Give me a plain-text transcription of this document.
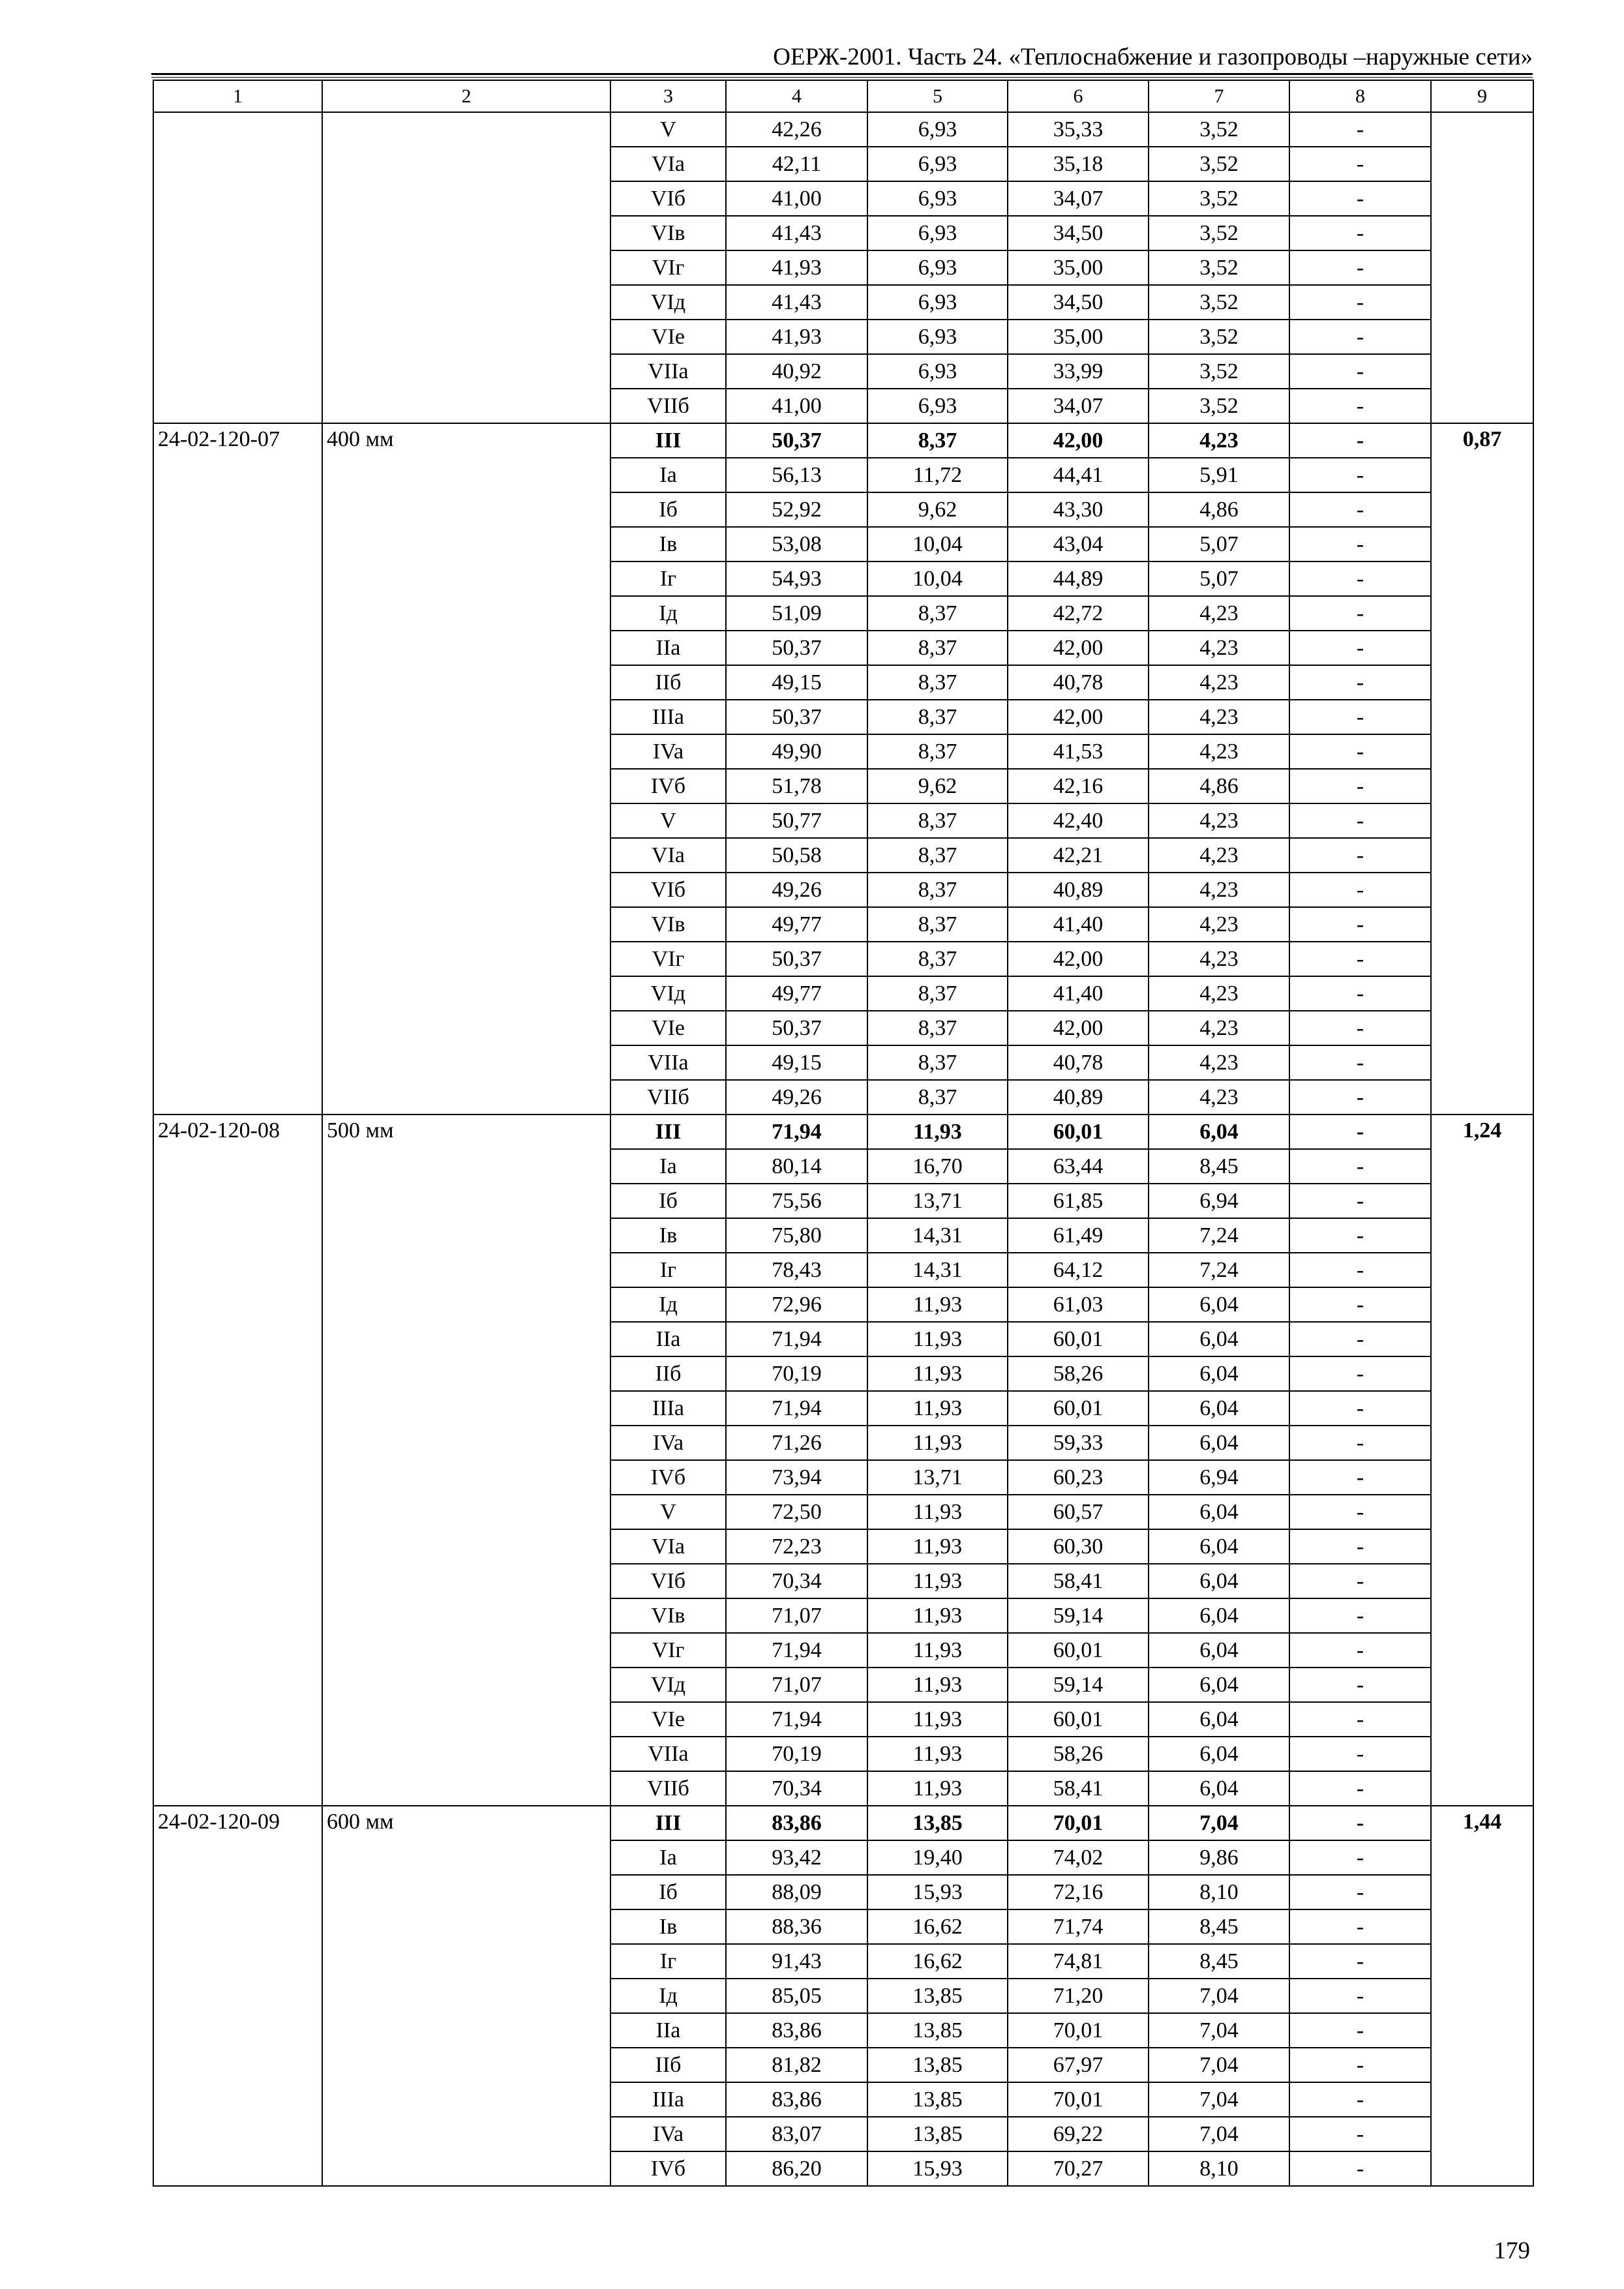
ОЕРЖ-2001. Часть 24. «Теплоснабжение и газопроводы –наружные сети»
1	2	3	4	5	6	7	8	9
		V	42,26	6,93	35,33	3,52	-	
		VIa	42,11	6,93	35,18	3,52	-	
		VIб	41,00	6,93	34,07	3,52	-	
		VIв	41,43	6,93	34,50	3,52	-	
		VIг	41,93	6,93	35,00	3,52	-	
		VIд	41,43	6,93	34,50	3,52	-	
		VIe	41,93	6,93	35,00	3,52	-	
		VIIa	40,92	6,93	33,99	3,52	-	
		VIIб	41,00	6,93	34,07	3,52	-	
24-02-120-07	400 мм	III	50,37	8,37	42,00	4,23	-	0,87
		Ia	56,13	11,72	44,41	5,91	-	
		Iб	52,92	9,62	43,30	4,86	-	
		Iв	53,08	10,04	43,04	5,07	-	
		Iг	54,93	10,04	44,89	5,07	-	
		Iд	51,09	8,37	42,72	4,23	-	
		IIa	50,37	8,37	42,00	4,23	-	
		IIб	49,15	8,37	40,78	4,23	-	
		IIIa	50,37	8,37	42,00	4,23	-	
		IVa	49,90	8,37	41,53	4,23	-	
		IVб	51,78	9,62	42,16	4,86	-	
		V	50,77	8,37	42,40	4,23	-	
		VIa	50,58	8,37	42,21	4,23	-	
		VIб	49,26	8,37	40,89	4,23	-	
		VIв	49,77	8,37	41,40	4,23	-	
		VIг	50,37	8,37	42,00	4,23	-	
		VIд	49,77	8,37	41,40	4,23	-	
		VIe	50,37	8,37	42,00	4,23	-	
		VIIa	49,15	8,37	40,78	4,23	-	
		VIIб	49,26	8,37	40,89	4,23	-	
24-02-120-08	500 мм	III	71,94	11,93	60,01	6,04	-	1,24
		Ia	80,14	16,70	63,44	8,45	-	
		Iб	75,56	13,71	61,85	6,94	-	
		Iв	75,80	14,31	61,49	7,24	-	
		Iг	78,43	14,31	64,12	7,24	-	
		Iд	72,96	11,93	61,03	6,04	-	
		IIa	71,94	11,93	60,01	6,04	-	
		IIб	70,19	11,93	58,26	6,04	-	
		IIIa	71,94	11,93	60,01	6,04	-	
		IVa	71,26	11,93	59,33	6,04	-	
		IVб	73,94	13,71	60,23	6,94	-	
		V	72,50	11,93	60,57	6,04	-	
		VIa	72,23	11,93	60,30	6,04	-	
		VIб	70,34	11,93	58,41	6,04	-	
		VIв	71,07	11,93	59,14	6,04	-	
		VIг	71,94	11,93	60,01	6,04	-	
		VIд	71,07	11,93	59,14	6,04	-	
		VIe	71,94	11,93	60,01	6,04	-	
		VIIa	70,19	11,93	58,26	6,04	-	
		VIIб	70,34	11,93	58,41	6,04	-	
24-02-120-09	600 мм	III	83,86	13,85	70,01	7,04	-	1,44
		Ia	93,42	19,40	74,02	9,86	-	
		Iб	88,09	15,93	72,16	8,10	-	
		Iв	88,36	16,62	71,74	8,45	-	
		Iг	91,43	16,62	74,81	8,45	-	
		Iд	85,05	13,85	71,20	7,04	-	
		IIa	83,86	13,85	70,01	7,04	-	
		IIб	81,82	13,85	67,97	7,04	-	
		IIIa	83,86	13,85	70,01	7,04	-	
		IVa	83,07	13,85	69,22	7,04	-	
		IVб	86,20	15,93	70,27	8,10	-	
179
